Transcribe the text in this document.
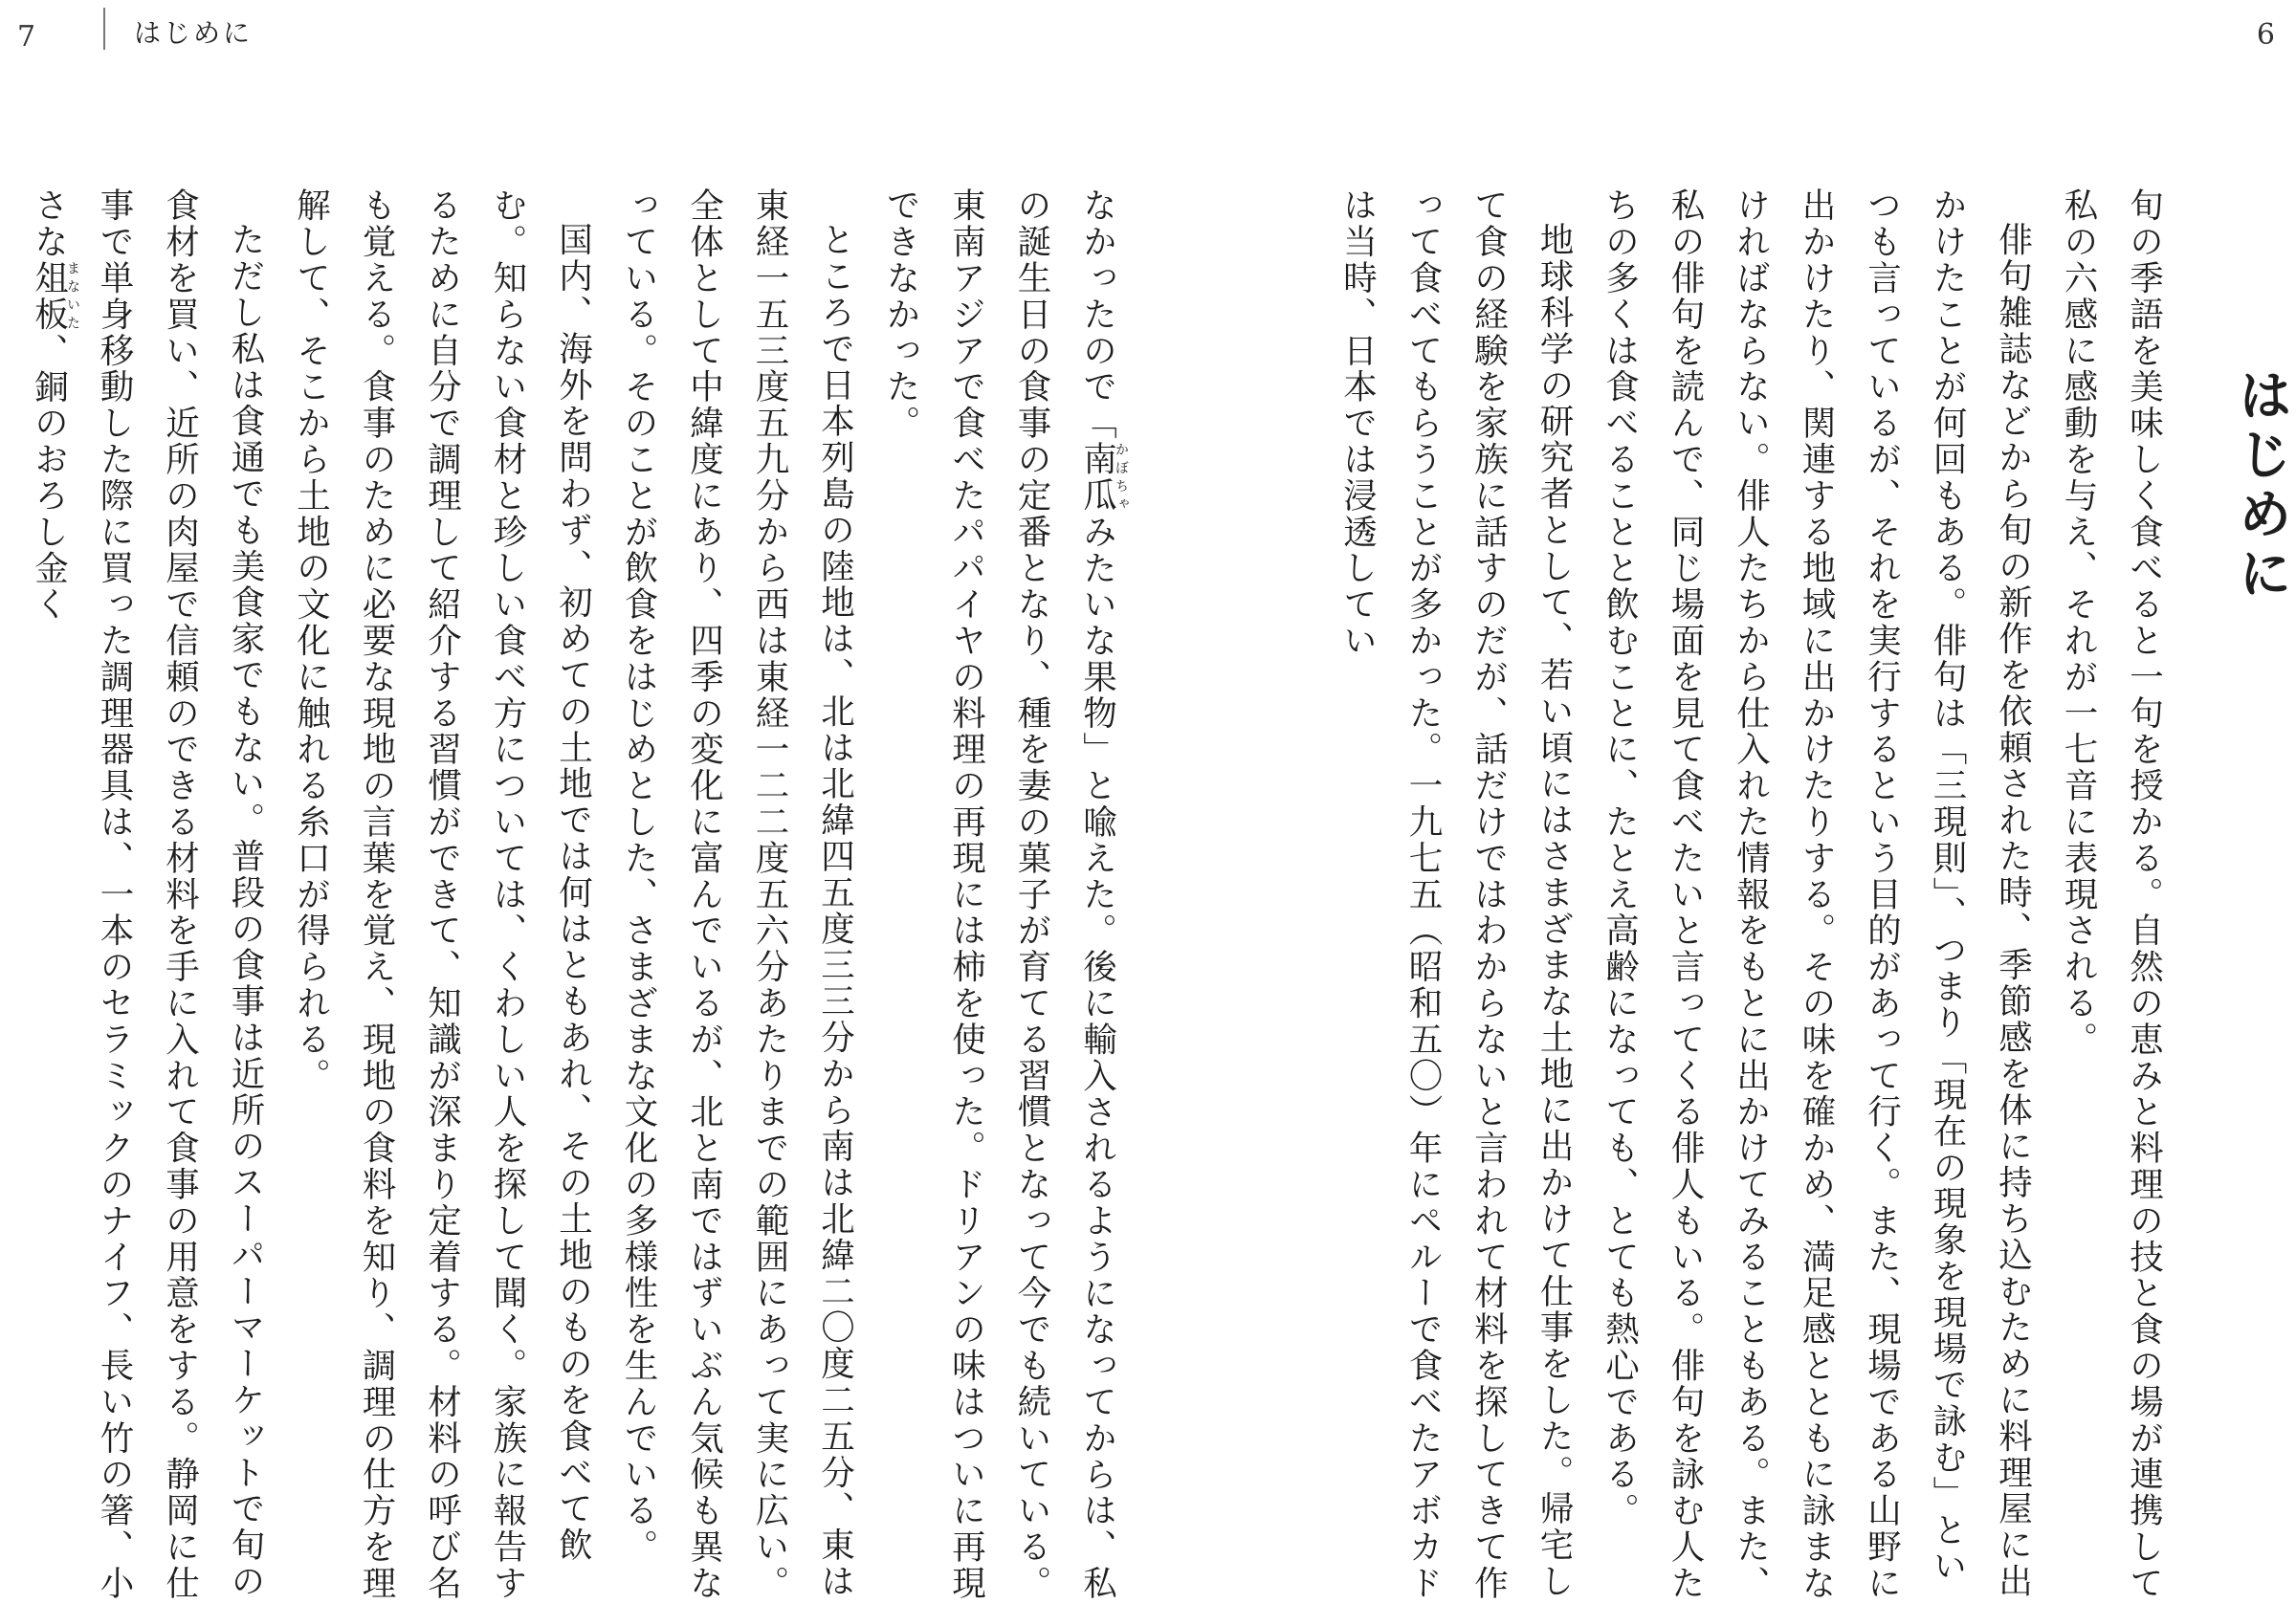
7	はじめに	6
はじめに

旬の季語を美味しく食べると一句を授かる。自然の恵みと料理の技と食の場が連携して私の六感に感動を与え、それが一七音に表現される。

俳句雑誌などから旬の新作を依頼された時、季節感を体に持ち込むために料理屋に出かけたことが何回もある。俳句は「三現則」、つまり「現在の現象を現場で詠む」といつも言っているが、それを実行するという目的があって行く。また、現場である山野に出かけたり、関連する地域に出かけたりする。その味を確かめ、満足感とともに詠まなければならない。俳人たちから仕入れた情報をもとに出かけてみることもある。また、私の俳句を読んで、同じ場面を見て食べたいと言ってくる俳人もいる。俳句を詠む人たちの多くは食べることと飲むことに、たとえ高齢になっても、とても熱心である。

地球科学の研究者として、若い頃にはさまざまな土地に出かけて仕事をした。帰宅して食の経験を家族に話すのだが、話だけではわからないと言われて材料を探してきて作って食べてもらうことが多かった。一九七五（昭和五〇）年にペルーで食べたアボカドは当時、日本では浸透してい

なかったので「南瓜かぼちゃみたいな果物」と喩えた。後に輸入されるようになってからは、私の誕生日の食事の定番となり、種を妻の菓子が育てる習慣となって今でも続いている。東南アジアで食べたパパイヤの料理の再現には柿を使った。ドリアンの味はついに再現できなかった。

ところで日本列島の陸地は、北は北緯四五度三三分から南は北緯二〇度二五分、東は東経一五三度五九分から西は東経一二二度五六分あたりまでの範囲にあって実に広い。全体として中緯度にあり、四季の変化に富んでいるが、北と南ではずいぶん気候も異なっている。そのことが飲食をはじめとした、さまざまな文化の多様性を生んでいる。

国内、海外を問わず、初めての土地では何はともあれ、その土地のものを食べて飲む。知らない食材と珍しい食べ方については、くわしい人を探して聞く。家族に報告するために自分で調理して紹介する習慣ができて、知識が深まり定着する。材料の呼び名も覚える。食事のために必要な現地の言葉を覚え、現地の食料を知り、調理の仕方を理解して、そこから土地の文化に触れる糸口が得られる。

ただし私は食通でも美食家でもない。普段の食事は近所のスーパーマーケットで旬の食材を買い、近所の肉屋で信頼のできる材料を手に入れて食事の用意をする。静岡に仕事で単身移動した際に買った調理器具は、一本のセラミックのナイフ、長い竹の箸、小さな俎板まないた、銅のおろし金く
